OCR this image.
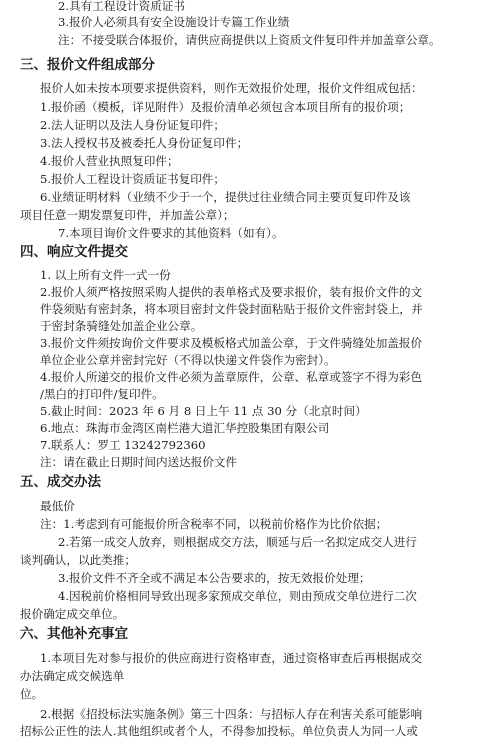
2.具有工程设计资质证书
3.报价人必须具有安全设施设计专篇工作业绩
注：不接受联合体报价，请供应商提供以上资质文件复印件并加盖章公章。
三、报价文件组成部分
报价人如未按本项要求提供资料，则作无效报价处理，报价文件组成包括：
1.报价函（模板，详见附件）及报价清单必须包含本项目所有的报价项；
2.法人证明以及法人身份证复印件；
3.法人授权书及被委托人身份证复印件；
4.报价人营业执照复印件；
5.报价人工程设计资质证书复印件；
6.业绩证明材料（业绩不少于一个，提供过往业绩合同主要页复印件及该
项目任意一期发票复印件，并加盖公章）；
7.本项目询价文件要求的其他资料（如有）。
四、响应文件提交
1. 以上所有文件一式一份
2.报价人须严格按照采购人提供的表单格式及要求报价，装有报价文件的文
件袋须贴有密封条，将本项目密封文件袋封面粘贴于报价文件密封袋上，并
于密封条骑缝处加盖企业公章。
3.报价文件须按询价文件要求及模板格式加盖公章，于文件骑缝处加盖报价
单位企业公章并密封完好（不得以快递文件袋作为密封）。
4.报价人所递交的报价文件必须为盖章原件，公章、私章或签字不得为彩色
/黑白的打印件/复印件。
5.截止时间：2023 年 6 月 8 日上午 11 点 30 分（北京时间）
6.地点：珠海市金湾区南栏港大道汇华控股集团有限公司
7.联系人：罗工 13242792360
注：请在截止日期时间内送达报价文件
五、成交办法
最低价
注：1.考虑到有可能报价所含税率不同，以税前价格作为比价依据；
2.若第一成交人放弃，则根据成交方法，顺延与后一名拟定成交人进行
谈判确认，以此类推；
3.报价文件不齐全或不满足本公告要求的，按无效报价处理；
4.因税前价格相同导致出现多家预成交单位，则由预成交单位进行二次
报价确定成交单位。
六、其他补充事宜
1.本项目先对参与报价的供应商进行资格审查，通过资格审查后再根据成交
办法确定成交候选单
位。
2.根据《招投标法实施条例》第三十四条：与招标人存在利害关系可能影响
招标公正性的法人.其他组织或者个人，不得参加投标。单位负责人为同一人或
